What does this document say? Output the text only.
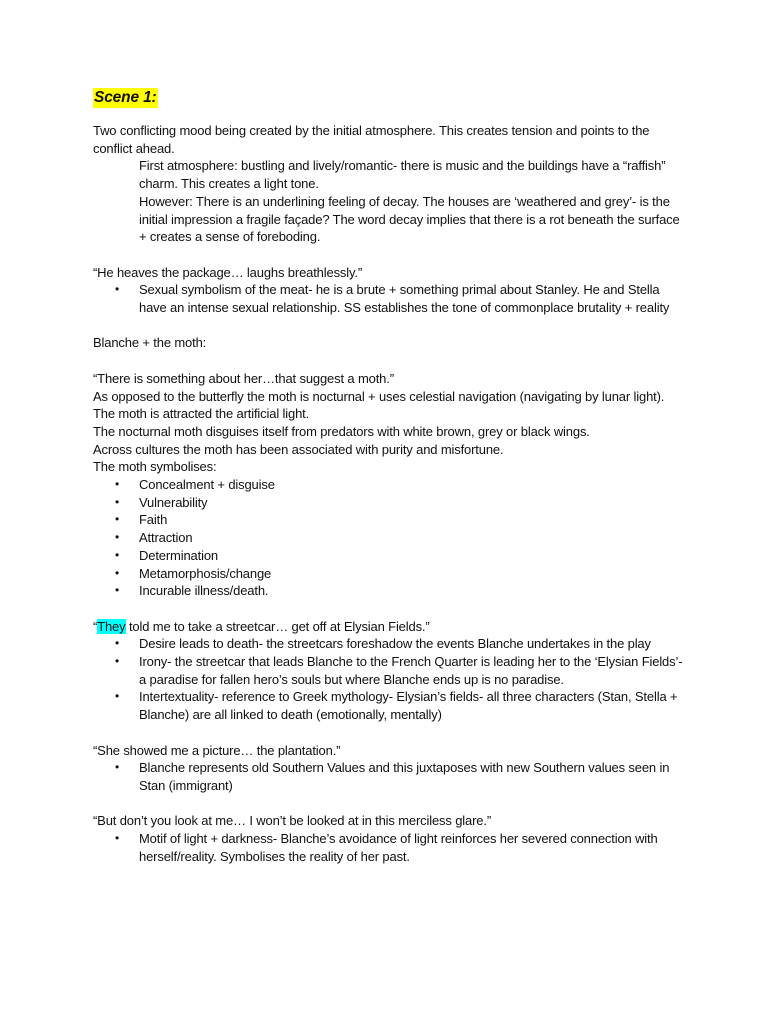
Scene 1:

Two conflicting mood being created by the initial atmosphere. This creates tension and points to the conflict ahead.

First atmosphere: bustling and lively/romantic- there is music and the buildings have a “raffish” charm. This creates a light tone.

However: There is an underlining feeling of decay. The houses are ‘weathered and grey’- is the initial impression a fragile façade? The word decay implies that there is a rot beneath the surface + creates a sense of foreboding.

“He heaves the package… laughs breathlessly.”

• Sexual symbolism of the meat- he is a brute + something primal about Stanley. He and Stella have an intense sexual relationship. SS establishes the tone of commonplace brutality + reality

Blanche + the moth:

“There is something about her…that suggest a moth.”

As opposed to the butterfly the moth is nocturnal + uses celestial navigation (navigating by lunar light). The moth is attracted the artificial light.

The nocturnal moth disguises itself from predators with white brown, grey or black wings.

Across cultures the moth has been associated with purity and misfortune.

The moth symbolises:

• Concealment + disguise
• Vulnerability
• Faith
• Attraction
• Determination
• Metamorphosis/change
• Incurable illness/death.

“They told me to take a streetcar… get off at Elysian Fields.”

• Desire leads to death- the streetcars foreshadow the events Blanche undertakes in the play
• Irony- the streetcar that leads Blanche to the French Quarter is leading her to the ‘Elysian Fields’- a paradise for fallen hero’s souls but where Blanche ends up is no paradise.
• Intertextuality- reference to Greek mythology- Elysian’s fields- all three characters (Stan, Stella + Blanche) are all linked to death (emotionally, mentally)

“She showed me a picture… the plantation.”

• Blanche represents old Southern Values and this juxtaposes with new Southern values seen in Stan (immigrant)

“But don’t you look at me… I won’t be looked at in this merciless glare.”

• Motif of light + darkness- Blanche’s avoidance of light reinforces her severed connection with herself/reality. Symbolises the reality of her past.
